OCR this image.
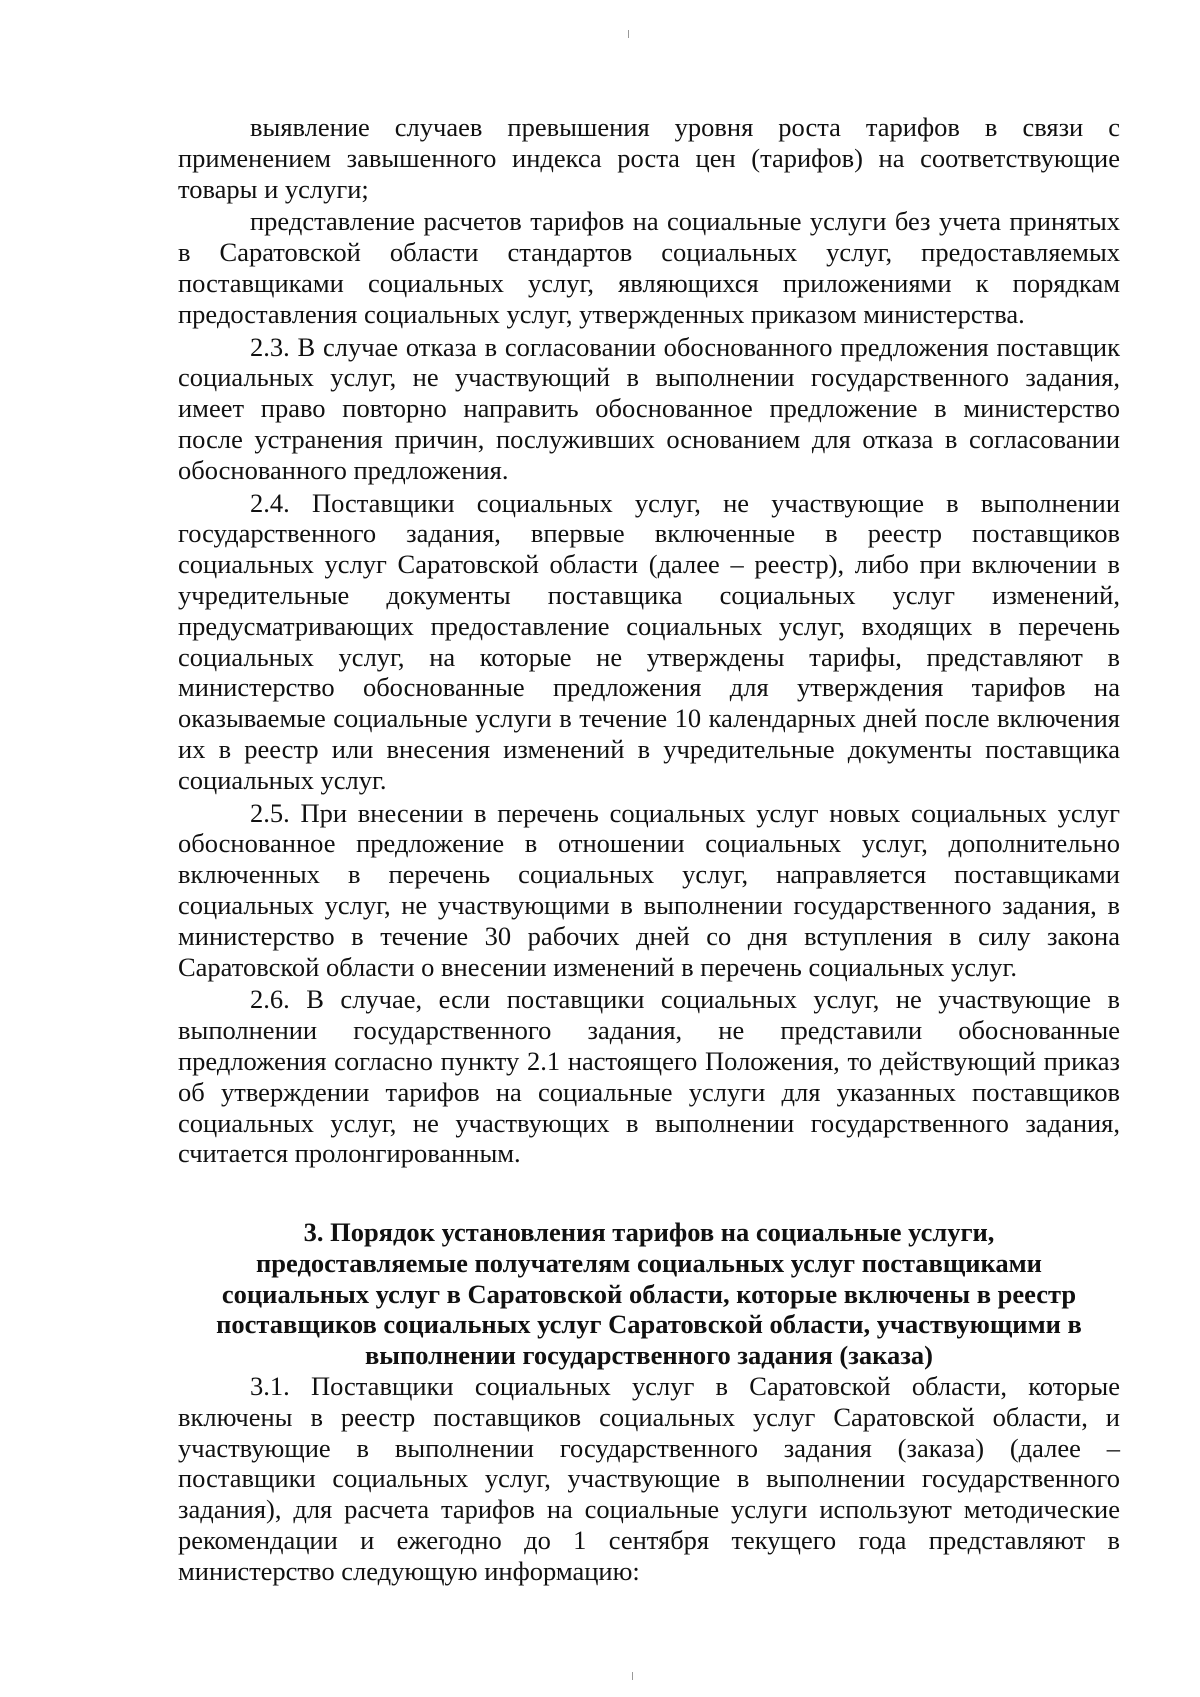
выявление случаев превышения уровня роста тарифов в связи с применением завышенного индекса роста цен (тарифов) на соответствующие товары и услуги;

представление расчетов тарифов на социальные услуги без учета принятых в Саратовской области стандартов социальных услуг, предоставляемых поставщиками социальных услуг, являющихся приложениями к порядкам предоставления социальных услуг, утвержденных приказом министерства.

2.3. В случае отказа в согласовании обоснованного предложения поставщик социальных услуг, не участвующий в выполнении государственного задания, имеет право повторно направить обоснованное предложение в министерство после устранения причин, послуживших основанием для отказа в согласовании обоснованного предложения.

2.4. Поставщики социальных услуг, не участвующие в выполнении государственного задания, впервые включенные в реестр поставщиков социальных услуг Саратовской области (далее – реестр), либо при включении в учредительные документы поставщика социальных услуг изменений, предусматривающих предоставление социальных услуг, входящих в перечень социальных услуг, на которые не утверждены тарифы, представляют в министерство обоснованные предложения для утверждения тарифов на оказываемые социальные услуги в течение 10 календарных дней после включения их в реестр или внесения изменений в учредительные документы поставщика социальных услуг.

2.5. При внесении в перечень социальных услуг новых социальных услуг обоснованное предложение в отношении социальных услуг, дополнительно включенных в перечень социальных услуг, направляется поставщиками социальных услуг, не участвующими в выполнении государственного задания, в министерство в течение 30 рабочих дней со дня вступления в силу закона Саратовской области о внесении изменений в перечень социальных услуг.

2.6. В случае, если поставщики социальных услуг, не участвующие в выполнении государственного задания, не представили обоснованные предложения согласно пункту 2.1 настоящего Положения, то действующий приказ об утверждении тарифов на социальные услуги для указанных поставщиков социальных услуг, не участвующих в выполнении государственного задания, считается пролонгированным.

3. Порядок установления тарифов на социальные услуги, предоставляемые получателям социальных услуг поставщиками социальных услуг в Саратовской области, которые включены в реестр поставщиков социальных услуг Саратовской области, участвующими в выполнении государственного задания (заказа)

3.1. Поставщики социальных услуг в Саратовской области, которые включены в реестр поставщиков социальных услуг Саратовской области, и участвующие в выполнении государственного задания (заказа) (далее – поставщики социальных услуг, участвующие в выполнении государственного задания), для расчета тарифов на социальные услуги используют методические рекомендации и ежегодно до 1 сентября текущего года представляют в министерство следующую информацию:
